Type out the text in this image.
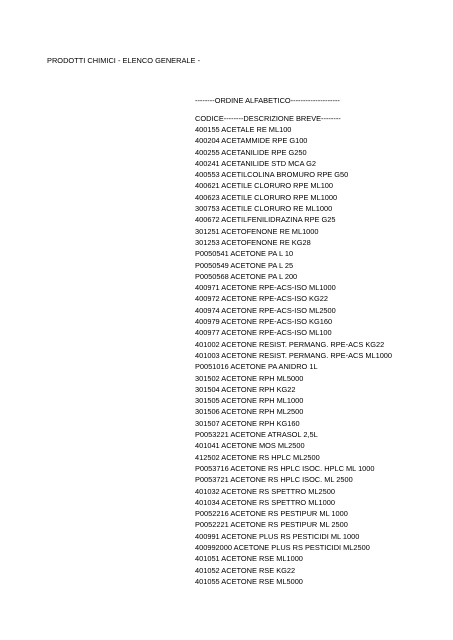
PRODOTTI CHIMICI - ELENCO GENERALE -
--------ORDINE ALFABETICO--------------------
CODICE--------DESCRIZIONE BREVE--------
400155 ACETALE RE ML100
400204 ACETAMMIDE RPE G100
400255 ACETANILIDE RPE G250
400241 ACETANILIDE STD MCA G2
400553 ACETILCOLINA BROMURO RPE G50
400621 ACETILE CLORURO RPE ML100
400623 ACETILE CLORURO RPE ML1000
300753 ACETILE CLORURO RE ML1000
400672 ACETILFENILIDRAZINA RPE G25
301251 ACETOFENONE RE ML1000
301253 ACETOFENONE RE KG28
P0050541 ACETONE PA L 10
P0050549 ACETONE PA L 25
P0050568 ACETONE PA L 200
400971 ACETONE RPE-ACS-ISO ML1000
400972 ACETONE RPE-ACS-ISO KG22
400974 ACETONE RPE-ACS-ISO ML2500
400979 ACETONE RPE-ACS-ISO KG160
400977 ACETONE RPE-ACS-ISO ML100
401002 ACETONE RESIST. PERMANG. RPE-ACS KG22
401003 ACETONE RESIST. PERMANG. RPE-ACS ML1000
P0051016 ACETONE PA ANIDRO 1L
301502 ACETONE RPH ML5000
301504 ACETONE RPH KG22
301505 ACETONE RPH ML1000
301506 ACETONE RPH ML2500
301507 ACETONE RPH KG160
P0053221 ACETONE ATRASOL 2,5L
401041 ACETONE MOS ML2500
412502 ACETONE RS HPLC ML2500
P0053716 ACETONE RS HPLC ISOC. HPLC ML 1000
P0053721 ACETONE RS HPLC ISOC. ML 2500
401032 ACETONE RS SPETTRO ML2500
401034 ACETONE RS SPETTRO ML1000
P0052216 ACETONE RS PESTIPUR ML 1000
P0052221 ACETONE RS PESTIPUR ML 2500
400991 ACETONE PLUS RS PESTICIDI ML 1000
400992000 ACETONE PLUS RS PESTICIDI ML2500
401051 ACETONE RSE ML1000
401052 ACETONE RSE KG22
401055 ACETONE RSE ML5000
